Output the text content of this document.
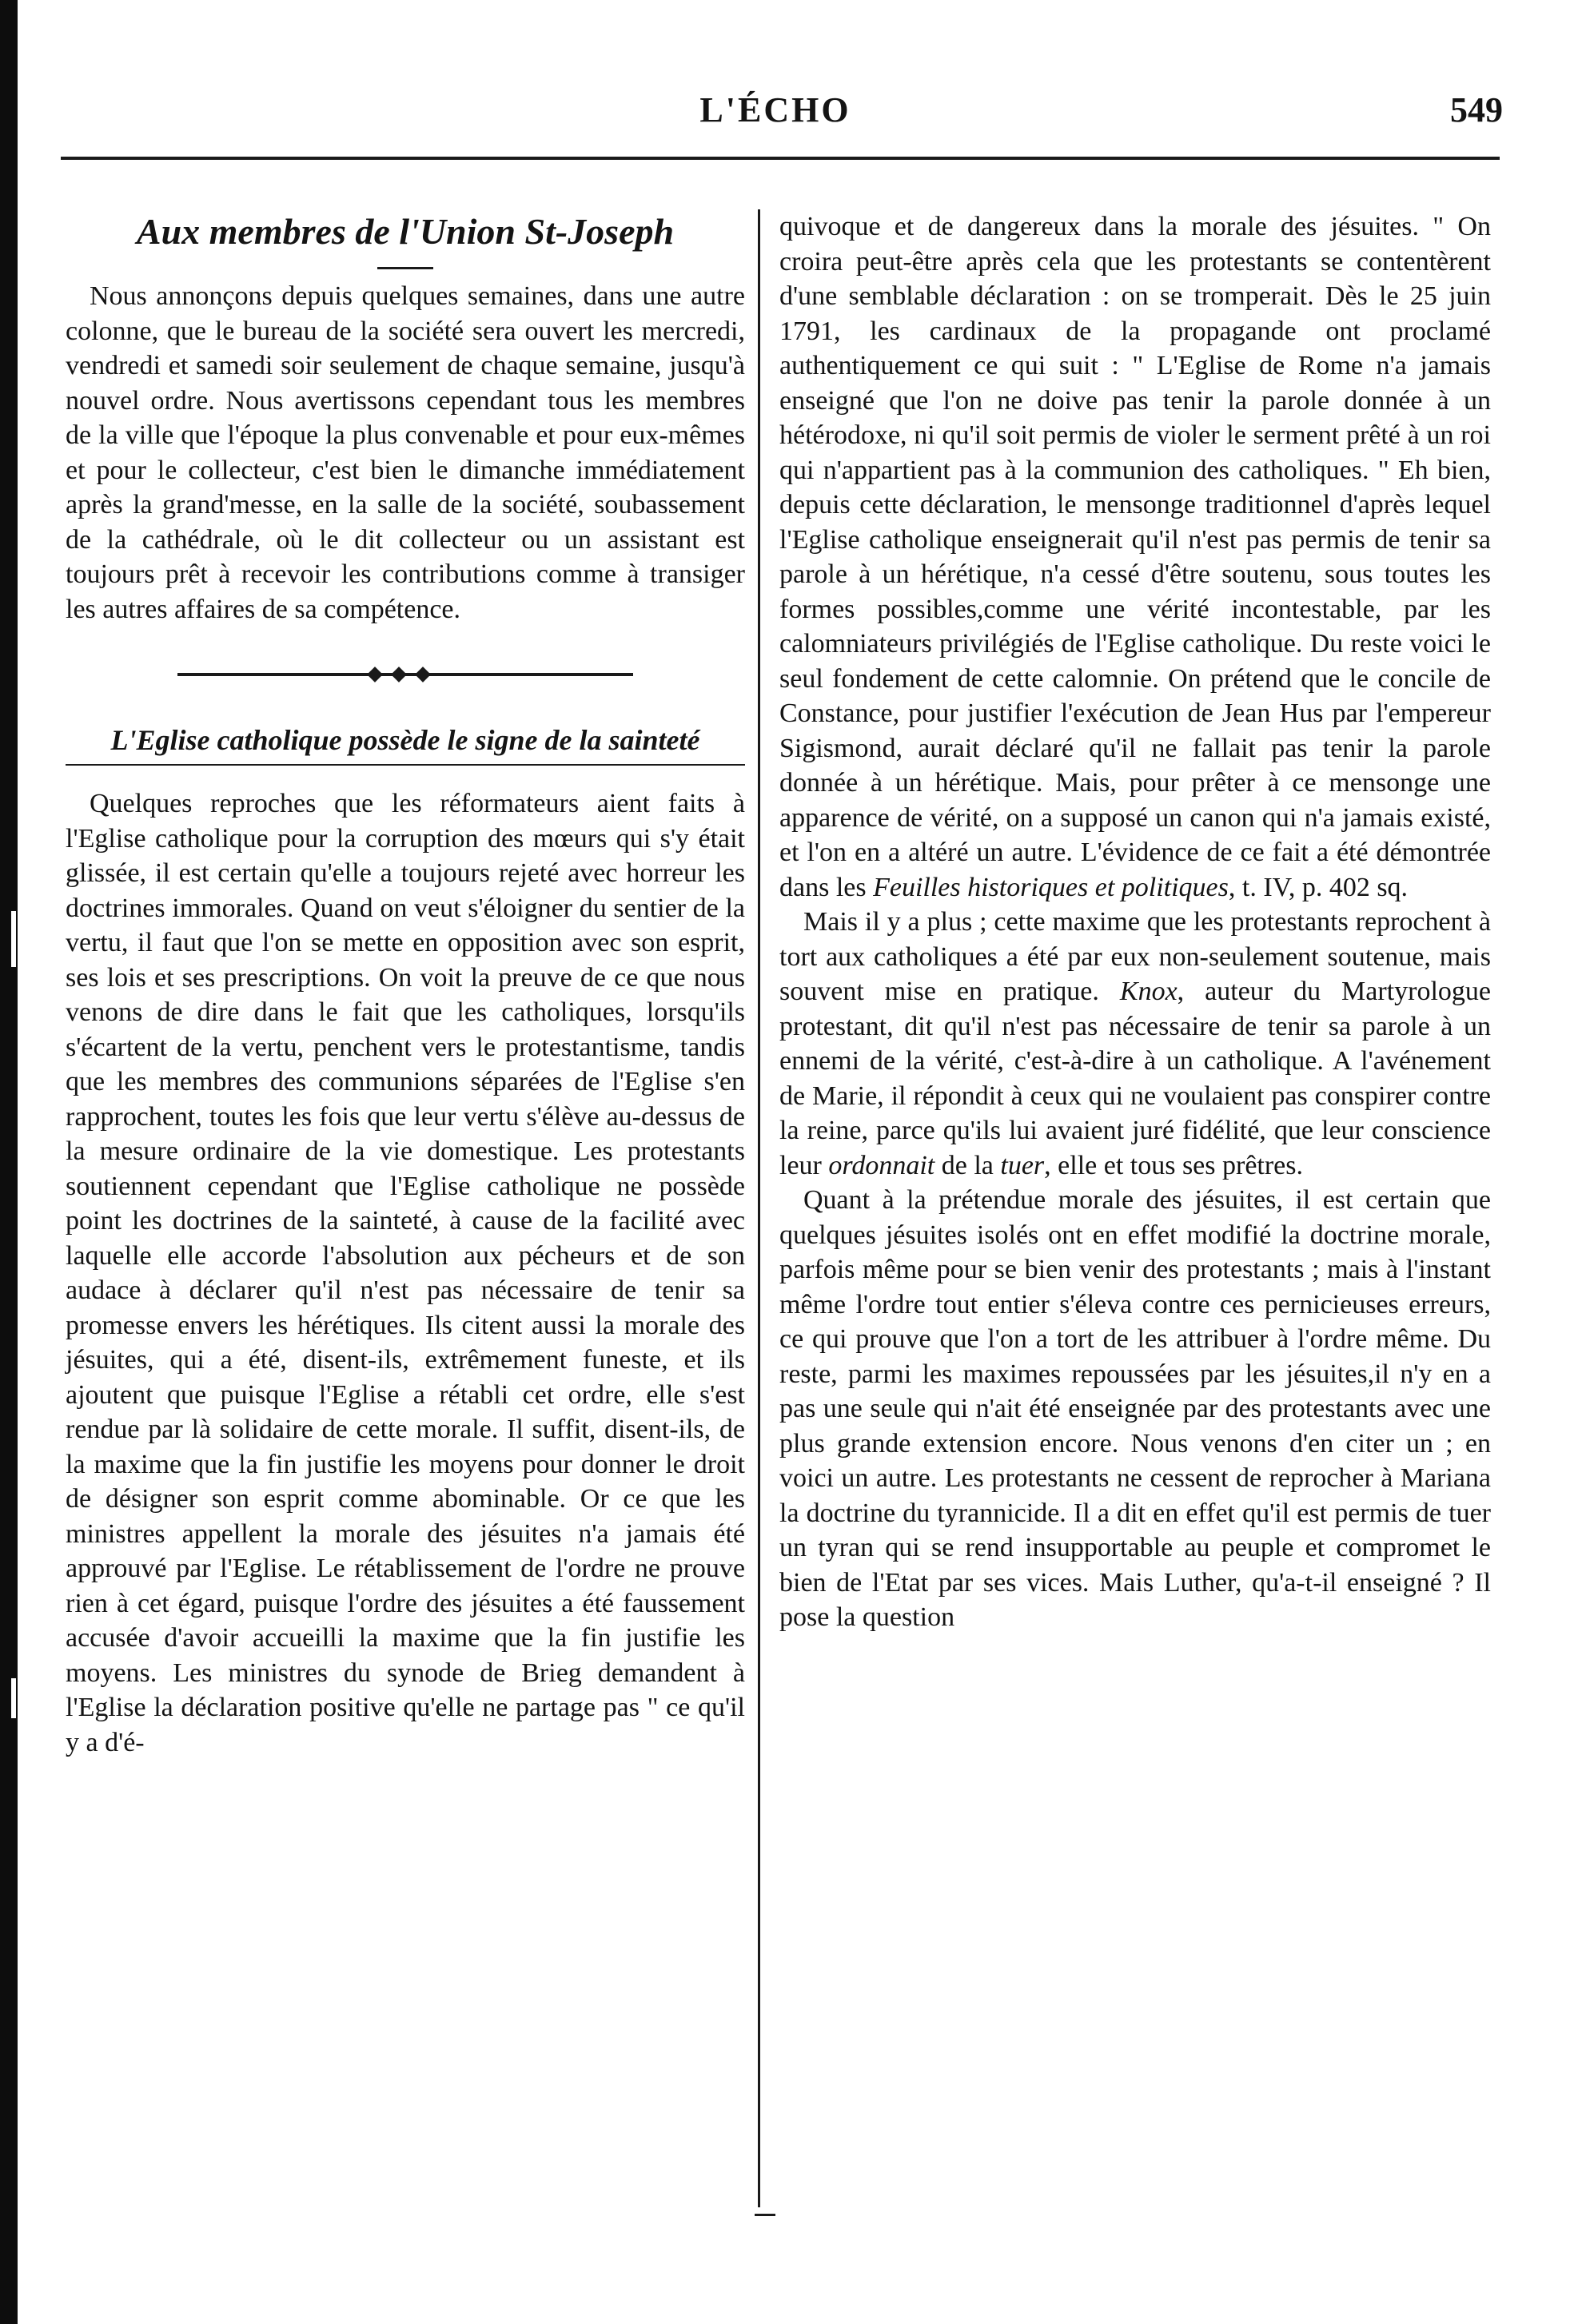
L'ÉCHO	549
Aux membres de l'Union St-Joseph

Nous annonçons depuis quelques semaines, dans une autre colonne, que le bureau de la société sera ouvert les mercredi, vendredi et samedi soir seulement de chaque semaine, jusqu'à nouvel ordre. Nous avertissons cependant tous les membres de la ville que l'époque la plus convenable et pour eux-mêmes et pour le collecteur, c'est bien le dimanche immédiatement après la grand'messe, en la salle de la société, soubassement de la cathédrale, où le dit collecteur ou un assistant est toujours prêt à recevoir les contributions comme à transiger les autres affaires de sa compétence.

L'Eglise catholique possède le signe de la sainteté

Quelques reproches que les réformateurs aient faits à l'Eglise catholique pour la corruption des mœurs qui s'y était glissée, il est certain qu'elle a toujours rejeté avec horreur les doctrines immorales. Quand on veut s'éloigner du sentier de la vertu, il faut que l'on se mette en opposition avec son esprit, ses lois et ses prescriptions. On voit la preuve de ce que nous venons de dire dans le fait que les catholiques, lorsqu'ils s'écartent de la vertu, penchent vers le protestantisme, tandis que les membres des communions séparées de l'Eglise s'en rapprochent, toutes les fois que leur vertu s'élève au-dessus de la mesure ordinaire de la vie domestique. Les protestants soutiennent cependant que l'Eglise catholique ne possède point les doctrines de la sainteté, à cause de la facilité avec laquelle elle accorde l'absolution aux pécheurs et de son audace à déclarer qu'il n'est pas nécessaire de tenir sa promesse envers les hérétiques. Ils citent aussi la morale des jésuites, qui a été, disent-ils, extrêmement funeste, et ils ajoutent que puisque l'Eglise a rétabli cet ordre, elle s'est rendue par là solidaire de cette morale. Il suffit, disent-ils, de la maxime que la fin justifie les moyens pour donner le droit de désigner son esprit comme abominable. Or ce que les ministres appellent la morale des jésuites n'a jamais été approuvé par l'Eglise. Le rétablissement de l'ordre ne prouve rien à cet égard, puisque l'ordre des jésuites a été faussement accusée d'avoir accueilli la maxime que la fin justifie les moyens. Les ministres du synode de Brieg demandent à l'Eglise la déclaration positive qu'elle ne partage pas " ce qu'il y a d'é-

quivoque et de dangereux dans la morale des jésuites. " On croira peut-être après cela que les protestants se contentèrent d'une semblable déclaration : on se tromperait. Dès le 25 juin 1791, les cardinaux de la propagande ont proclamé authentiquement ce qui suit : " L'Eglise de Rome n'a jamais enseigné que l'on ne doive pas tenir la parole donnée à un hétérodoxe, ni qu'il soit permis de violer le serment prêté à un roi qui n'appartient pas à la communion des catholiques. " Eh bien, depuis cette déclaration, le mensonge traditionnel d'après lequel l'Eglise catholique enseignerait qu'il n'est pas permis de tenir sa parole à un hérétique, n'a cessé d'être soutenu, sous toutes les formes possibles,comme une vérité incontestable, par les calomniateurs privilégiés de l'Eglise catholique. Du reste voici le seul fondement de cette calomnie. On prétend que le concile de Constance, pour justifier l'exécution de Jean Hus par l'empereur Sigismond, aurait déclaré qu'il ne fallait pas tenir la parole donnée à un hérétique. Mais, pour prêter à ce mensonge une apparence de vérité, on a supposé un canon qui n'a jamais existé, et l'on en a altéré un autre. L'évidence de ce fait a été démontrée dans les Feuilles historiques et politiques, t. IV, p. 402 sq.

Mais il y a plus ; cette maxime que les protestants reprochent à tort aux catholiques a été par eux non-seulement soutenue, mais souvent mise en pratique. Knox, auteur du Martyrologue protestant, dit qu'il n'est pas nécessaire de tenir sa parole à un ennemi de la vérité, c'est-à-dire à un catholique. A l'avénement de Marie, il répondit à ceux qui ne voulaient pas conspirer contre la reine, parce qu'ils lui avaient juré fidélité, que leur conscience leur ordonnait de la tuer, elle et tous ses prêtres.

Quant à la prétendue morale des jésuites, il est certain que quelques jésuites isolés ont en effet modifié la doctrine morale, parfois même pour se bien venir des protestants ; mais à l'instant même l'ordre tout entier s'éleva contre ces pernicieuses erreurs, ce qui prouve que l'on a tort de les attribuer à l'ordre même. Du reste, parmi les maximes repoussées par les jésuites,il n'y en a pas une seule qui n'ait été enseignée par des protestants avec une plus grande extension encore. Nous venons d'en citer un ; en voici un autre. Les protestants ne cessent de reprocher à Mariana la doctrine du tyrannicide. Il a dit en effet qu'il est permis de tuer un tyran qui se rend insupportable au peuple et compromet le bien de l'Etat par ses vices. Mais Luther, qu'a-t-il enseigné ? Il pose la question
